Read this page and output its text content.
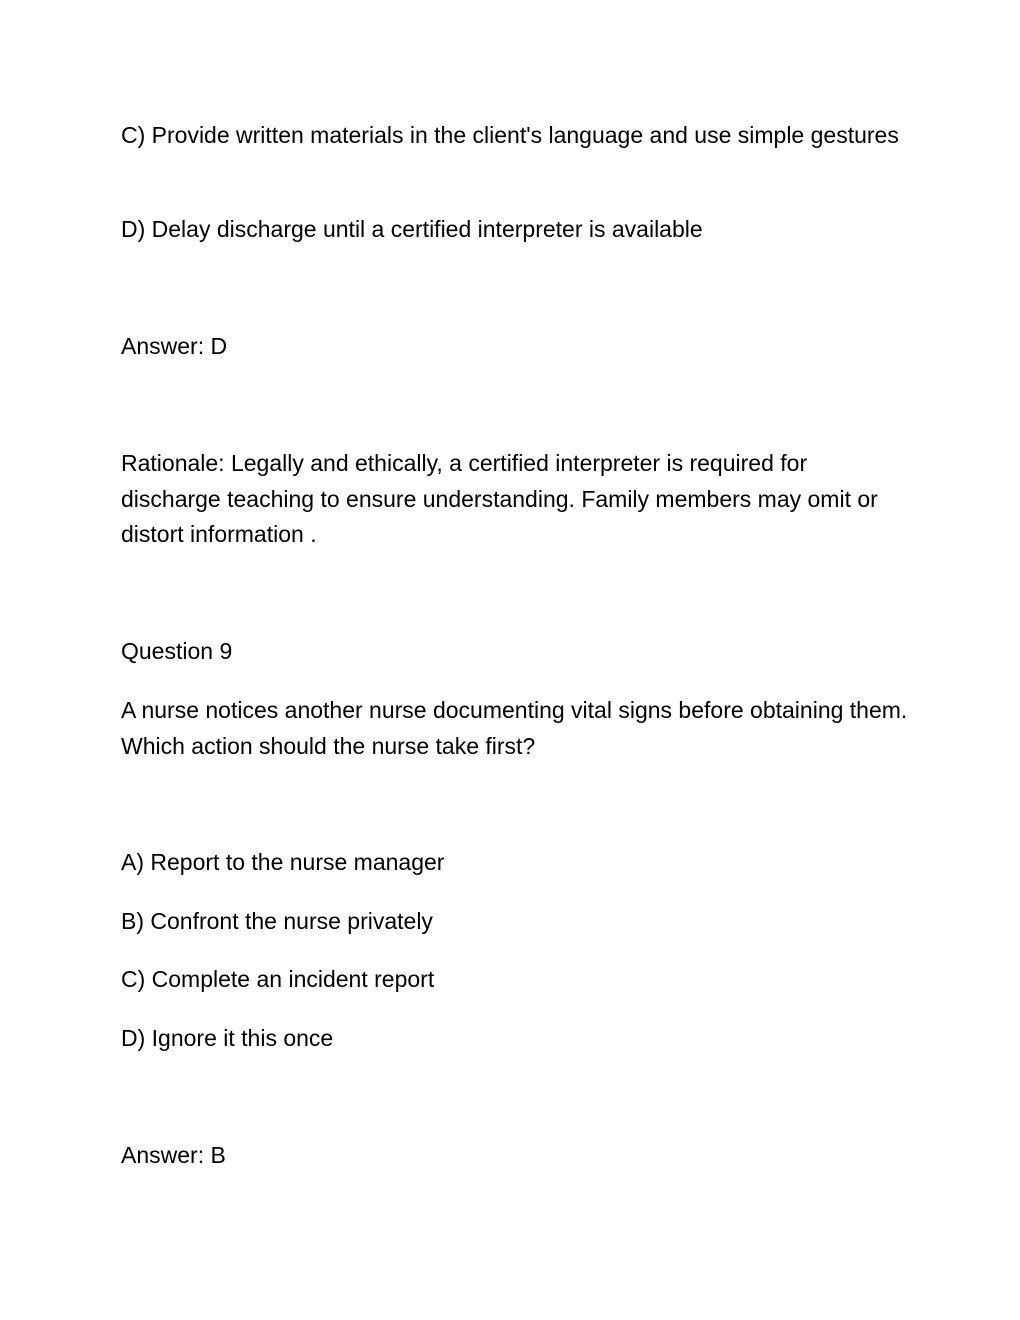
C) Provide written materials in the client's language and use simple gestures

D) Delay discharge until a certified interpreter is available

Answer: D

Rationale: Legally and ethically, a certified interpreter is required for discharge teaching to ensure understanding. Family members may omit or distort information .

Question 9

A nurse notices another nurse documenting vital signs before obtaining them. Which action should the nurse take first?

A) Report to the nurse manager

B) Confront the nurse privately

C) Complete an incident report

D) Ignore it this once

Answer: B
